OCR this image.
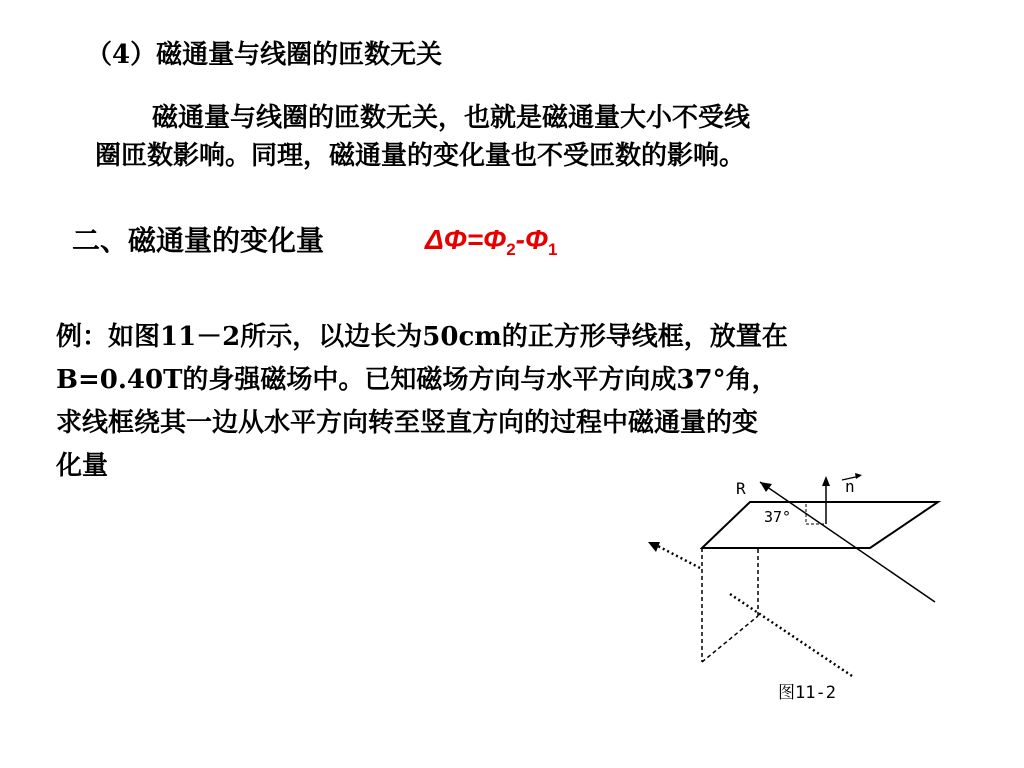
（4）磁通量与线圈的匝数无关
磁通量与线圈的匝数无关，也就是磁通量大小不受线
圈匝数影响。同理，磁通量的变化量也不受匝数的影响。
二、磁通量的变化量	$\Delta\Phi=\Phi_2-\Phi_1$
例：如图11－2所示，以边长为50cm的正方形导线框，放置在
B=0.40T的身强磁场中。已知磁场方向与水平方向成37°角，
求线框绕其一边从水平方向转至竖直方向的过程中磁通量的变
化量
R	n
37°
图11-2
